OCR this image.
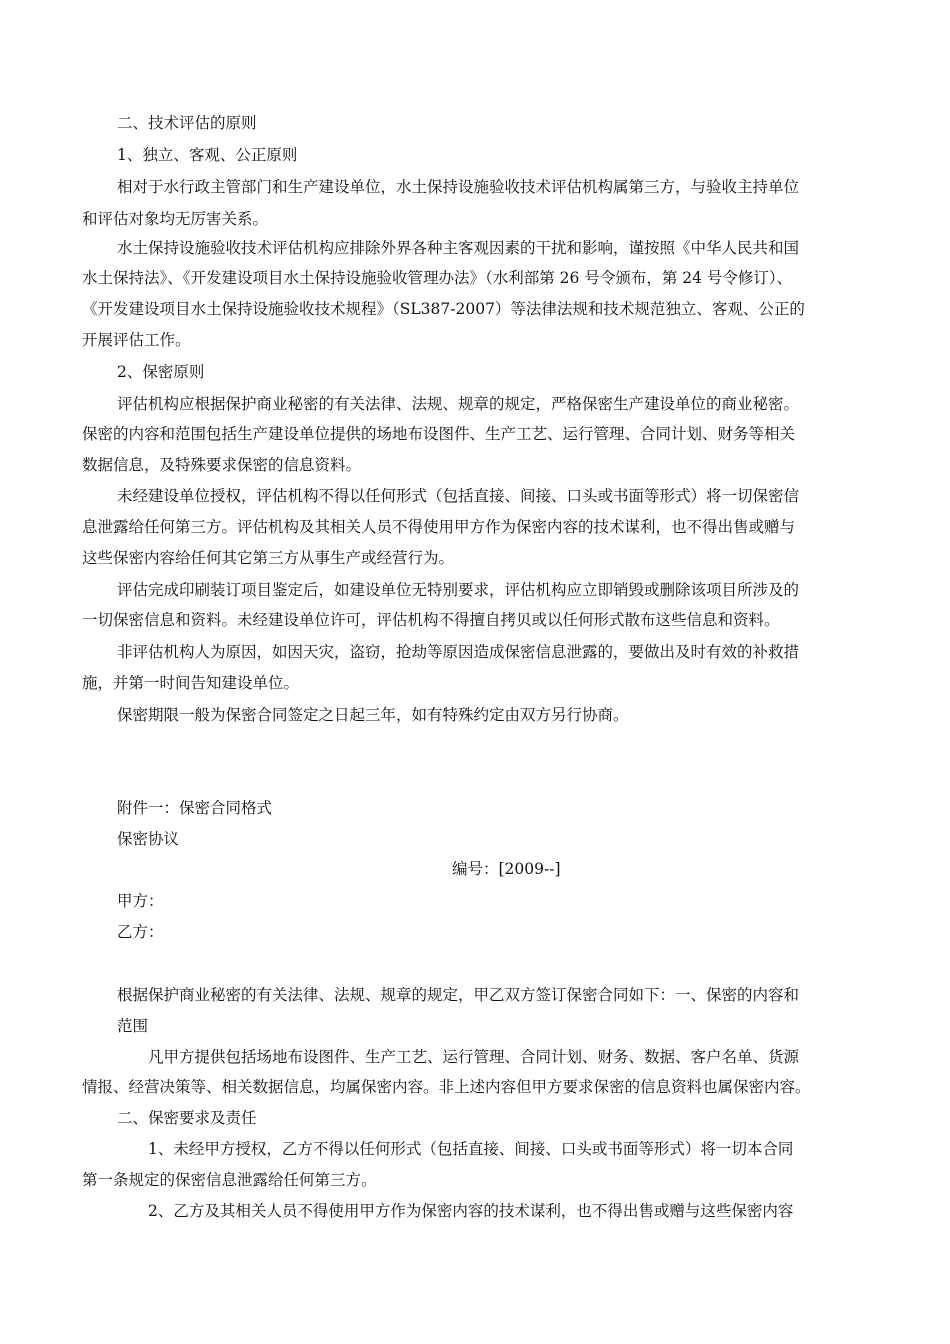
二、技术评估的原则
1、独立、客观、公正原则
相对于水行政主管部门和生产建设单位，水土保持设施验收技术评估机构属第三方，与验收主持单位
和评估对象均无厉害关系。
水土保持设施验收技术评估机构应排除外界各种主客观因素的干扰和影响，谨按照《中华人民共和国
水土保持法》、《开发建设项目水土保持设施验收管理办法》（水利部第 26 号令颁布，第 24 号令修订）、
《开发建设项目水土保持设施验收技术规程》（SL387-2007）等法律法规和技术规范独立、客观、公正的
开展评估工作。
2、保密原则
评估机构应根据保护商业秘密的有关法律、法规、规章的规定，严格保密生产建设单位的商业秘密。
保密的内容和范围包括生产建设单位提供的场地布设图件、生产工艺、运行管理、合同计划、财务等相关
数据信息，及特殊要求保密的信息资料。
未经建设单位授权，评估机构不得以任何形式（包括直接、间接、口头或书面等形式）将一切保密信
息泄露给任何第三方。评估机构及其相关人员不得使用甲方作为保密内容的技术谋利，也不得出售或赠与
这些保密内容给任何其它第三方从事生产或经营行为。
评估完成印刷装订项目鉴定后，如建设单位无特别要求，评估机构应立即销毁或删除该项目所涉及的
一切保密信息和资料。未经建设单位许可，评估机构不得擅自拷贝或以任何形式散布这些信息和资料。
非评估机构人为原因，如因天灾，盗窃，抢劫等原因造成保密信息泄露的，要做出及时有效的补救措
施，并第一时间告知建设单位。
保密期限一般为保密合同签定之日起三年，如有特殊约定由双方另行协商。
附件一：保密合同格式
保密协议
编号：[2009--]
甲方：
乙方：
根据保护商业秘密的有关法律、法规、规章的规定，甲乙双方签订保密合同如下：一、保密的内容和
范围
凡甲方提供包括场地布设图件、生产工艺、运行管理、合同计划、财务、数据、客户名单、货源
情报、经营决策等、相关数据信息，均属保密内容。非上述内容但甲方要求保密的信息资料也属保密内容。
二、保密要求及责任
1、未经甲方授权，乙方不得以任何形式（包括直接、间接、口头或书面等形式）将一切本合同
第一条规定的保密信息泄露给任何第三方。
2、乙方及其相关人员不得使用甲方作为保密内容的技术谋利，也不得出售或赠与这些保密内容
